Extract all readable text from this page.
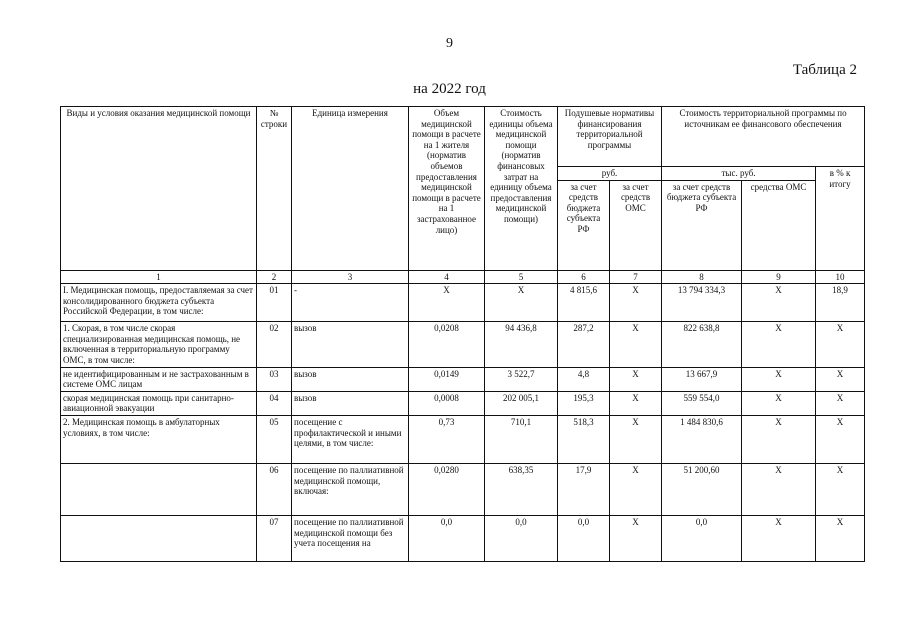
9
Таблица 2
на 2022 год
Виды и условия оказания медицинской помощи	№ строки	Единица измерения	Объем медицинской помощи в расчете на 1 жителя (норматив объемов предоставления медицинской помощи в расчете на 1 застрахованное лицо)	Стоимость единицы объема медицинской помощи (норматив финансовых затрат на единицу объема предоставления медицинской помощи)	Подушевые нормативы финансирования территориальной программы		Стоимость территориальной программы по источникам ее финансового обеспечения		
					руб.		тыс. руб.		в % к итогу
					за счет средств бюджета субъекта РФ	за счет средств ОМС	за счет средств бюджета субъекта РФ	средства ОМС	
1	2	3	4	5	6	7	8	9	10
I. Медицинская помощь, предоставляемая за счет консолидированного бюджета субъекта Российской Федерации, в том числе:	01	-	X	X	4 815,6	X	13 794 334,3	X	18,9
1. Скорая, в том числе скорая специализированная медицинская помощь, не включенная в территориальную программу ОМС, в том числе:	02	вызов	0,0208	94 436,8	287,2	X	822 638,8	X	X
не идентифицированным и не застрахованным в системе ОМС лицам	03	вызов	0,0149	3 522,7	4,8	X	13 667,9	X	X
скорая медицинская помощь при санитарно-авиационной эвакуации	04	вызов	0,0008	202 005,1	195,3	X	559 554,0	X	X
2. Медицинская помощь в амбулаторных условиях, в том числе:	05	посещение с профилактической и иными целями, в том числе:	0,73	710,1	518,3	X	1 484 830,6	X	X
	06	посещение по паллиативной медицинской помощи, включая:	0,0280	638,35	17,9	X	51 200,60	X	X
	07	посещение по паллиативной медицинской помощи без учета посещения на	0,0	0,0	0,0	X	0,0	X	X
